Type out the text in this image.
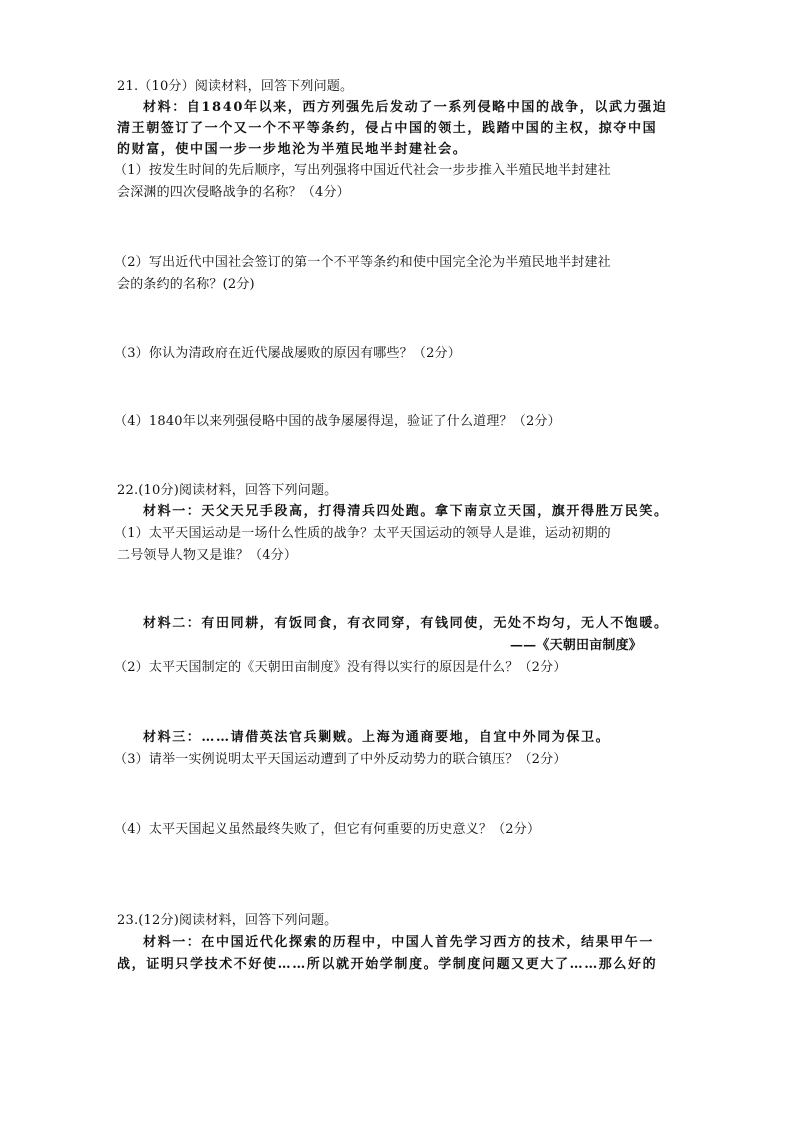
21.（10分）阅读材料，回答下列问题。
材料：自1840年以来，西方列强先后发动了一系列侵略中国的战争，以武力强迫
清王朝签订了一个又一个不平等条约，侵占中国的领土，践踏中国的主权，掠夺中国
的财富，使中国一步一步地沦为半殖民地半封建社会。
（1）按发生时间的先后顺序，写出列强将中国近代社会一步步推入半殖民地半封建社
会深渊的四次侵略战争的名称？（4分）
（2）写出近代中国社会签订的第一个不平等条约和使中国完全沦为半殖民地半封建社
会的条约的名称？(2分)
（3）你认为清政府在近代屡战屡败的原因有哪些？（2分）
（4）1840年以来列强侵略中国的战争屡屡得逞，验证了什么道理？（2分）
22.(10分)阅读材料，回答下列问题。
材料一：天父天兄手段高，打得清兵四处跑。拿下南京立天国，旗开得胜万民笑。
（1）太平天国运动是一场什么性质的战争？太平天国运动的领导人是谁，运动初期的
二号领导人物又是谁？（4分）
材料二：有田同耕，有饭同食，有衣同穿，有钱同使，无处不均匀，无人不饱暖。
——《天朝田亩制度》
（2）太平天国制定的《天朝田亩制度》没有得以实行的原因是什么？（2分）
材料三：……请借英法官兵剿贼。上海为通商要地，自宜中外同为保卫。
（3）请举一实例说明太平天国运动遭到了中外反动势力的联合镇压？（2分）
（4）太平天国起义虽然最终失败了，但它有何重要的历史意义？（2分）
23.(12分)阅读材料，回答下列问题。
材料一：在中国近代化探索的历程中，中国人首先学习西方的技术，结果甲午一
战，证明只学技术不好使……所以就开始学制度。学制度问题又更大了……那么好的
